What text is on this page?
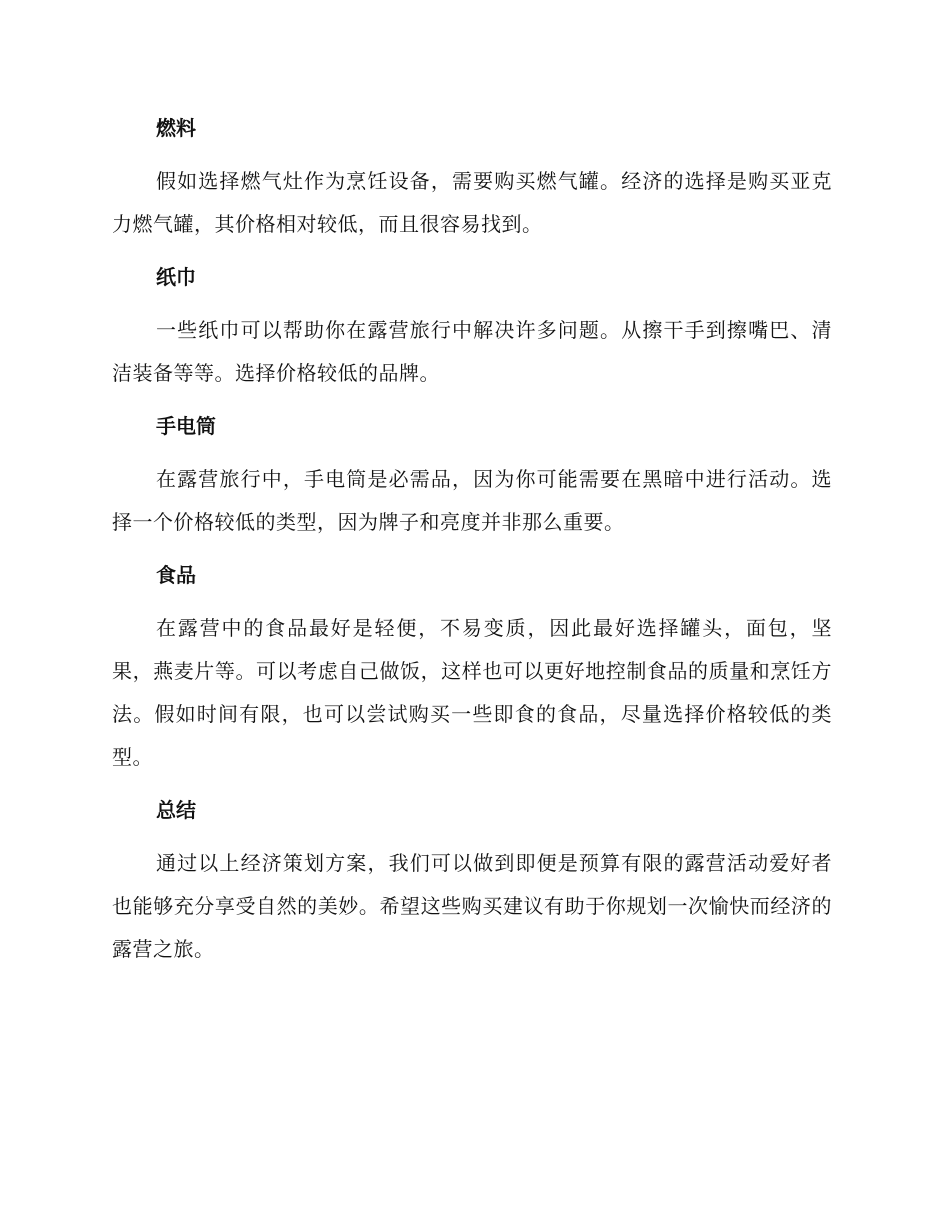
燃料

假如选择燃气灶作为烹饪设备，需要购买燃气罐。经济的选择是购买亚克力燃气罐，其价格相对较低，而且很容易找到。

纸巾

一些纸巾可以帮助你在露营旅行中解决许多问题。从擦干手到擦嘴巴、清洁装备等等。选择价格较低的品牌。

手电筒

在露营旅行中，手电筒是必需品，因为你可能需要在黑暗中进行活动。选择一个价格较低的类型，因为牌子和亮度并非那么重要。

食品

在露营中的食品最好是轻便，不易变质，因此最好选择罐头，面包，坚果，燕麦片等。可以考虑自己做饭，这样也可以更好地控制食品的质量和烹饪方法。假如时间有限，也可以尝试购买一些即食的食品，尽量选择价格较低的类型。

总结

通过以上经济策划方案，我们可以做到即便是预算有限的露营活动爱好者也能够充分享受自然的美妙。希望这些购买建议有助于你规划一次愉快而经济的露营之旅。
